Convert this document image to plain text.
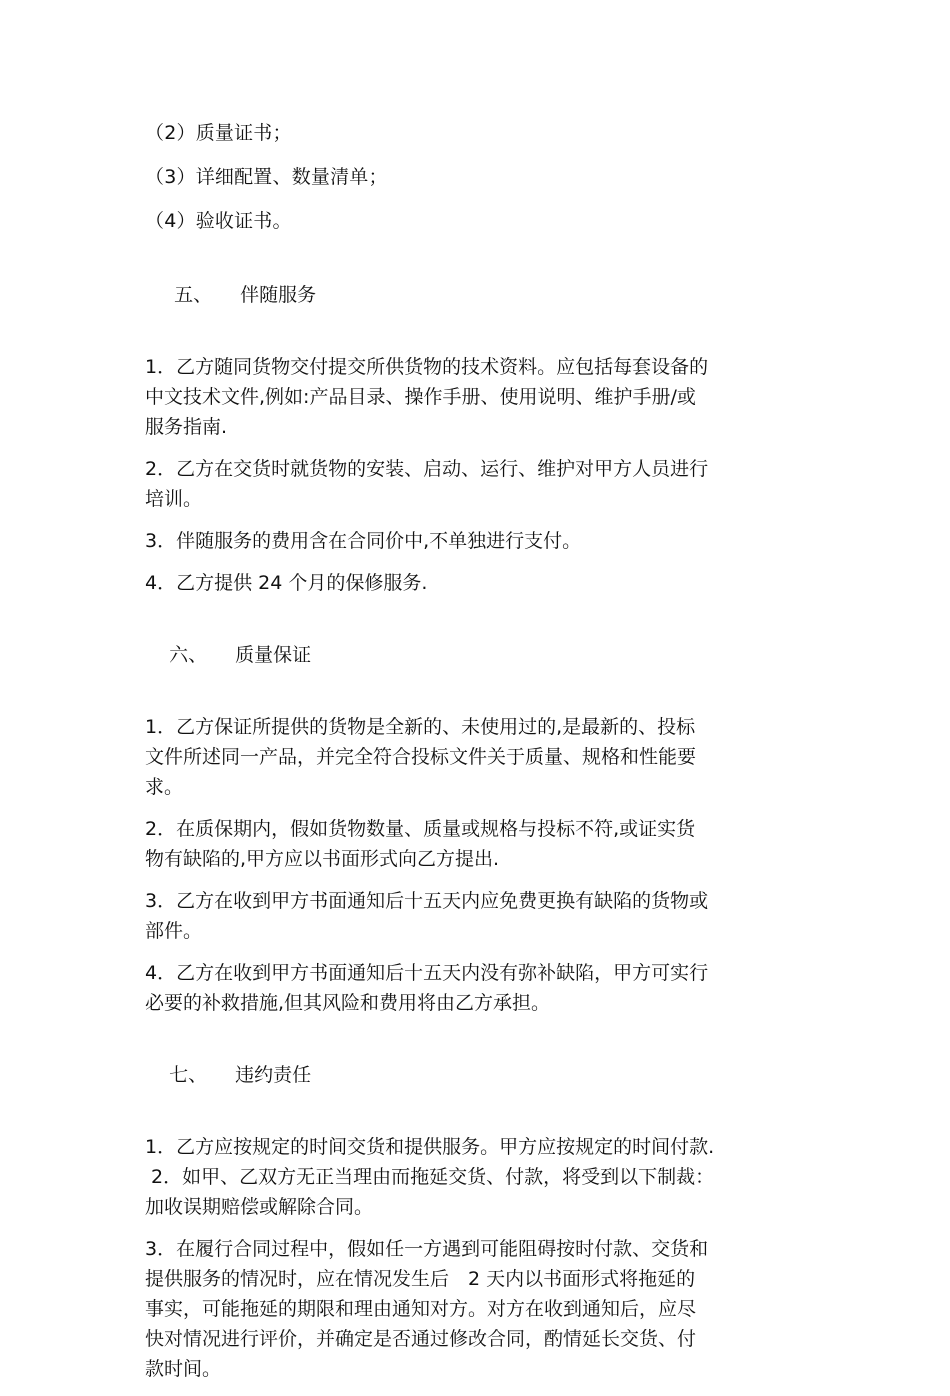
（2）质量证书；

（3）详细配置、数量清单；

（4）验收证书。

五、 伴随服务

1．乙方随同货物交付提交所供货物的技术资料。应包括每套设备的
中文技术文件,例如:产品目录、操作手册、使用说明、维护手册/或
服务指南.
2．乙方在交货时就货物的安装、启动、运行、维护对甲方人员进行
培训。
3．伴随服务的费用含在合同价中,不单独进行支付。
4．乙方提供 24 个月的保修服务.

六、 质量保证

1．乙方保证所提供的货物是全新的、未使用过的,是最新的、投标
文件所述同一产品，并完全符合投标文件关于质量、规格和性能要
求。
2．在质保期内，假如货物数量、质量或规格与投标不符,或证实货
物有缺陷的,甲方应以书面形式向乙方提出.
3．乙方在收到甲方书面通知后十五天内应免费更换有缺陷的货物或
部件。
4．乙方在收到甲方书面通知后十五天内没有弥补缺陷，甲方可实行
必要的补救措施,但其风险和费用将由乙方承担。

七、 违约责任

1．乙方应按规定的时间交货和提供服务。甲方应按规定的时间付款.
2．如甲、乙双方无正当理由而拖延交货、付款，将受到以下制裁：
加收误期赔偿或解除合同。
3．在履行合同过程中，假如任一方遇到可能阻碍按时付款、交货和
提供服务的情况时，应在情况发生后　2 天内以书面形式将拖延的
事实，可能拖延的期限和理由通知对方。对方在收到通知后，应尽
快对情况进行评价，并确定是否通过修改合同，酌情延长交货、付
款时间。
